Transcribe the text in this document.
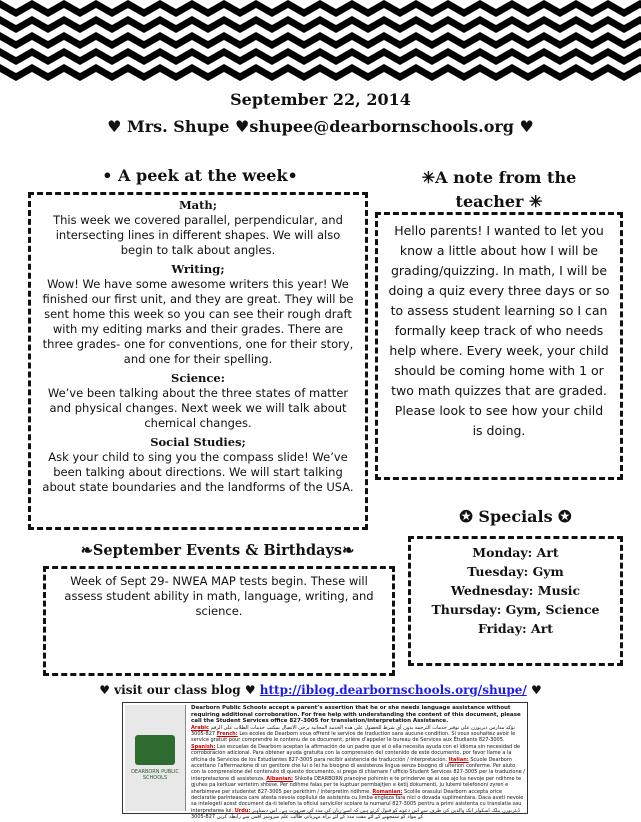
September 22, 2014
♥ Mrs. Shupe ♥shupee@dearbornschools.org ♥
• A peek at the week•
Math;
This week we covered parallel, perpendicular, and intersecting lines in different shapes. We will also begin to talk about angles.
Writing;
Wow! We have some awesome writers this year! We finished our first unit, and they are great. They will be sent home this week so you can see their rough draft with my editing marks and their grades. There are three grades- one for conventions, one for their story, and one for their spelling.
Science:
We’ve been talking about the three states of matter and physical changes. Next week we will talk about chemical changes.
Social Studies;
Ask your child to sing you the compass slide! We’ve been talking about directions. We will start talking about state boundaries and the landforms of the USA.
✳A note from the
teacher ✳
Hello parents! I wanted to let you know a little about how I will be grading/quizzing. In math, I will be doing a quiz every three days or so to assess student learning so I can formally keep track of who needs help where. Every week, your child should be coming home with 1 or two math quizzes that are graded. Please look to see how your child is doing.
✪ Specials ✪
Monday: Art
Tuesday: Gym
Wednesday: Music
Thursday: Gym, Science
Friday: Art
❧September Events & Birthdays❧
Week of Sept 29- NWEA MAP tests begin. These will assess student ability in math, language, writing, and science.
♥ visit our class blog ♥ http://iblog.dearbornschools.org/shupe/ ♥
DEARBORN PUBLIC SCHOOLS
Dearborn Public Schools accept a parent’s assertion that he or she needs language assistance without requiring additional corroboration. For free help with understanding the content of this document, please call the Student Services office 827-3005 for translation/interpretation Assistance.
Arabic تؤكد مدارس ديربورن على توفير خدمات الترجمة بدون أي شرط للحصول على هذه الخدمة المجانية يرجى الاتصال بمكتب خدمات الطلاب على الرقم 827-3005 French: Les écoles de Dearborn vous offrent le service de traduction sans aucune condition. Si vous souhaitez avoir le service gratuit pour comprendre le contenu de ce document, prière d’appeler le bureau de Services aux Étudiants 827-3005. Spanish: Las escuelas de Dearborn aceptan la afirmación de un padre que el o ella necesita ayuda con el idioma sin necesidad de corroboración adicional. Para obtener ayuda gratuita con la comprensión del contenido de este documento, por favor llame a la oficina de Servicios de los Estudiantes 827-3005 para recibir asistencia de traducción / interpretación. Italian: Scuole Dearborn accettano l’affermazione di un genitore che lui o lei ha bisogno di assistenza lingua senza bisogno di ulteriori conferme. Per aiuto con la comprensione del contenuto di questo documento, si prega di chiamare l’ufficio Student Services 827-3005 per la traduzione / interpretazione di assistenza. Albanian: Shkolla DEARBORN pranojne pohimin e te prinderve qe ai ose ajo ka nevoje per ndihme te gjuhes pa kerkuar vertetim shtese. Per ndihme falas per te kuptuar permbajtjen e ketij dokumenti, ju lutemi telefononi zyren e sherbimeve per studentet 827-3005 per perkthim / interpretim ndihme. Romanian: Scolile orasului Dearborn accepta orice declaratie parinteasca care atesta nevoia copilului de asistenta cu limba engleza fara nici o dovada suplimentara. Daca aveti nevoie sa intelegeti acest document da-ti telefon la oficiul servicilor scolare la numarul 827-3005 pentru a primi asistenta cu translatia sau interpretarea lui. Urdu: ڈیئربورن پبلک اسکولز ایک والدین کی طرف سے اس دعوے کو قبول کرتے ہیں کہ اسے زبان کی مدد کی ضرورت ہے۔ اس دستاویز کے مواد کو سمجھنے کے لئے مفت مدد کے لئے براہ مہربانی طالب علم سروسز آفس سے رابطہ کریں 827-3005
